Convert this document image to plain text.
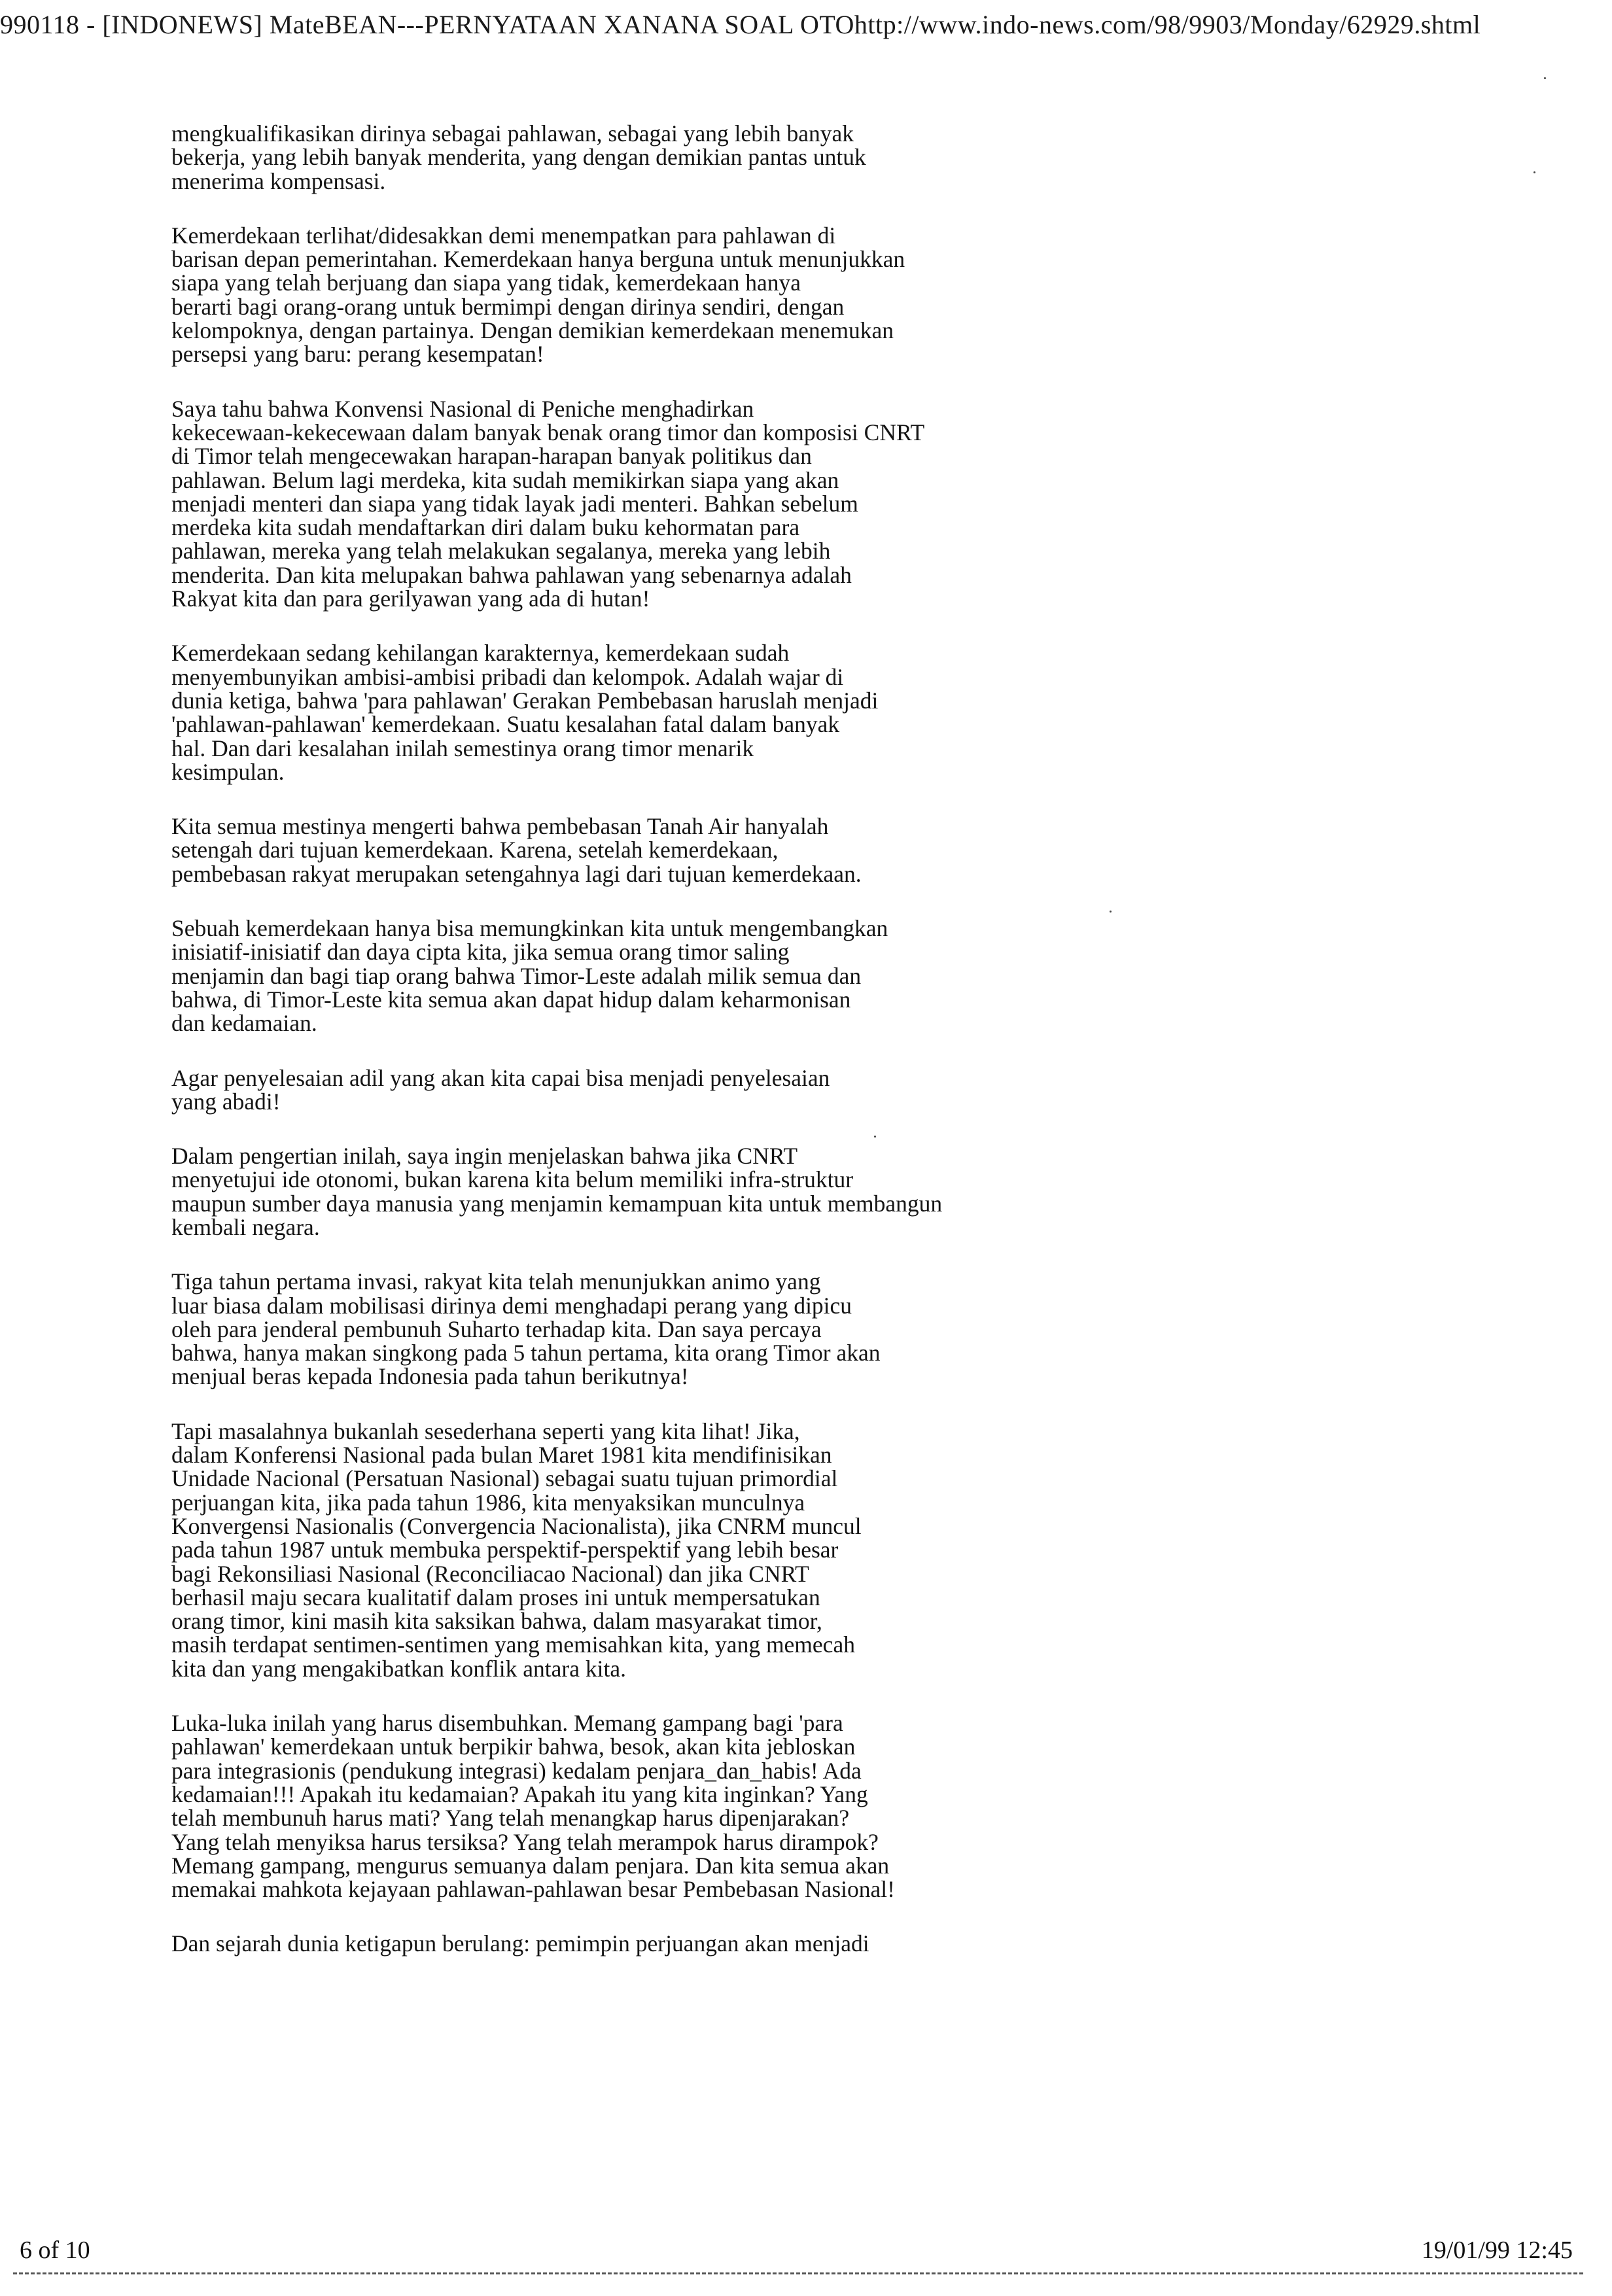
990118 - [INDONEWS] MateBEAN---PERNYATAAN XANANA SOAL OTOhttp://www.indo-news.com/98/9903/Monday/62929.shtml
mengkualifikasikan dirinya sebagai pahlawan, sebagai yang lebih banyak
bekerja, yang lebih banyak menderita, yang dengan demikian pantas untuk
menerima kompensasi.
Kemerdekaan terlihat/didesakkan demi menempatkan para pahlawan di
barisan depan pemerintahan. Kemerdekaan hanya berguna untuk menunjukkan
siapa yang telah berjuang dan siapa yang tidak, kemerdekaan hanya
berarti bagi orang-orang untuk bermimpi dengan dirinya sendiri, dengan
kelompoknya, dengan partainya. Dengan demikian kemerdekaan menemukan
persepsi yang baru: perang kesempatan!
Saya tahu bahwa Konvensi Nasional di Peniche menghadirkan
kekecewaan-kekecewaan dalam banyak benak orang timor dan komposisi CNRT
di Timor telah mengecewakan harapan-harapan banyak politikus dan
pahlawan. Belum lagi merdeka, kita sudah memikirkan siapa yang akan
menjadi menteri dan siapa yang tidak layak jadi menteri. Bahkan sebelum
merdeka kita sudah mendaftarkan diri dalam buku kehormatan para
pahlawan, mereka yang telah melakukan segalanya, mereka yang lebih
menderita. Dan kita melupakan bahwa pahlawan yang sebenarnya adalah
Rakyat kita dan para gerilyawan yang ada di hutan!
Kemerdekaan sedang kehilangan karakternya, kemerdekaan sudah
menyembunyikan ambisi-ambisi pribadi dan kelompok. Adalah wajar di
dunia ketiga, bahwa 'para pahlawan' Gerakan Pembebasan haruslah menjadi
'pahlawan-pahlawan' kemerdekaan. Suatu kesalahan fatal dalam banyak
hal. Dan dari kesalahan inilah semestinya orang timor menarik
kesimpulan.
Kita semua mestinya mengerti bahwa pembebasan Tanah Air hanyalah
setengah dari tujuan kemerdekaan. Karena, setelah kemerdekaan,
pembebasan rakyat merupakan setengahnya lagi dari tujuan kemerdekaan.
Sebuah kemerdekaan hanya bisa memungkinkan kita untuk mengembangkan
inisiatif-inisiatif dan daya cipta kita, jika semua orang timor saling
menjamin dan bagi tiap orang bahwa Timor-Leste adalah milik semua dan
bahwa, di Timor-Leste kita semua akan dapat hidup dalam keharmonisan
dan kedamaian.
Agar penyelesaian adil yang akan kita capai bisa menjadi penyelesaian
yang abadi!
Dalam pengertian inilah, saya ingin menjelaskan bahwa jika CNRT
menyetujui ide otonomi, bukan karena kita belum memiliki infra-struktur
maupun sumber daya manusia yang menjamin kemampuan kita untuk membangun
kembali negara.
Tiga tahun pertama invasi, rakyat kita telah menunjukkan animo yang
luar biasa dalam mobilisasi dirinya demi menghadapi perang yang dipicu
oleh para jenderal pembunuh Suharto terhadap kita. Dan saya percaya
bahwa, hanya makan singkong pada 5 tahun pertama, kita orang Timor akan
menjual beras kepada Indonesia pada tahun berikutnya!
Tapi masalahnya bukanlah sesederhana seperti yang kita lihat! Jika,
dalam Konferensi Nasional pada bulan Maret 1981 kita mendifinisikan
Unidade Nacional (Persatuan Nasional) sebagai suatu tujuan primordial
perjuangan kita, jika pada tahun 1986, kita menyaksikan munculnya
Konvergensi Nasionalis (Convergencia Nacionalista), jika CNRM muncul
pada tahun 1987 untuk membuka perspektif-perspektif yang lebih besar
bagi Rekonsiliasi Nasional (Reconciliacao Nacional) dan jika CNRT
berhasil maju secara kualitatif dalam proses ini untuk mempersatukan
orang timor, kini masih kita saksikan bahwa, dalam masyarakat timor,
masih terdapat sentimen-sentimen yang memisahkan kita, yang memecah
kita dan yang mengakibatkan konflik antara kita.
Luka-luka inilah yang harus disembuhkan. Memang gampang bagi 'para
pahlawan' kemerdekaan untuk berpikir bahwa, besok, akan kita jebloskan
para integrasionis (pendukung integrasi) kedalam penjara_dan_habis! Ada
kedamaian!!! Apakah itu kedamaian? Apakah itu yang kita inginkan? Yang
telah membunuh harus mati? Yang telah menangkap harus dipenjarakan?
Yang telah menyiksa harus tersiksa? Yang telah merampok harus dirampok?
Memang gampang, mengurus semuanya dalam penjara. Dan kita semua akan
memakai mahkota kejayaan pahlawan-pahlawan besar Pembebasan Nasional!
Dan sejarah dunia ketigapun berulang: pemimpin perjuangan akan menjadi
6 of 10	19/01/99 12:45
